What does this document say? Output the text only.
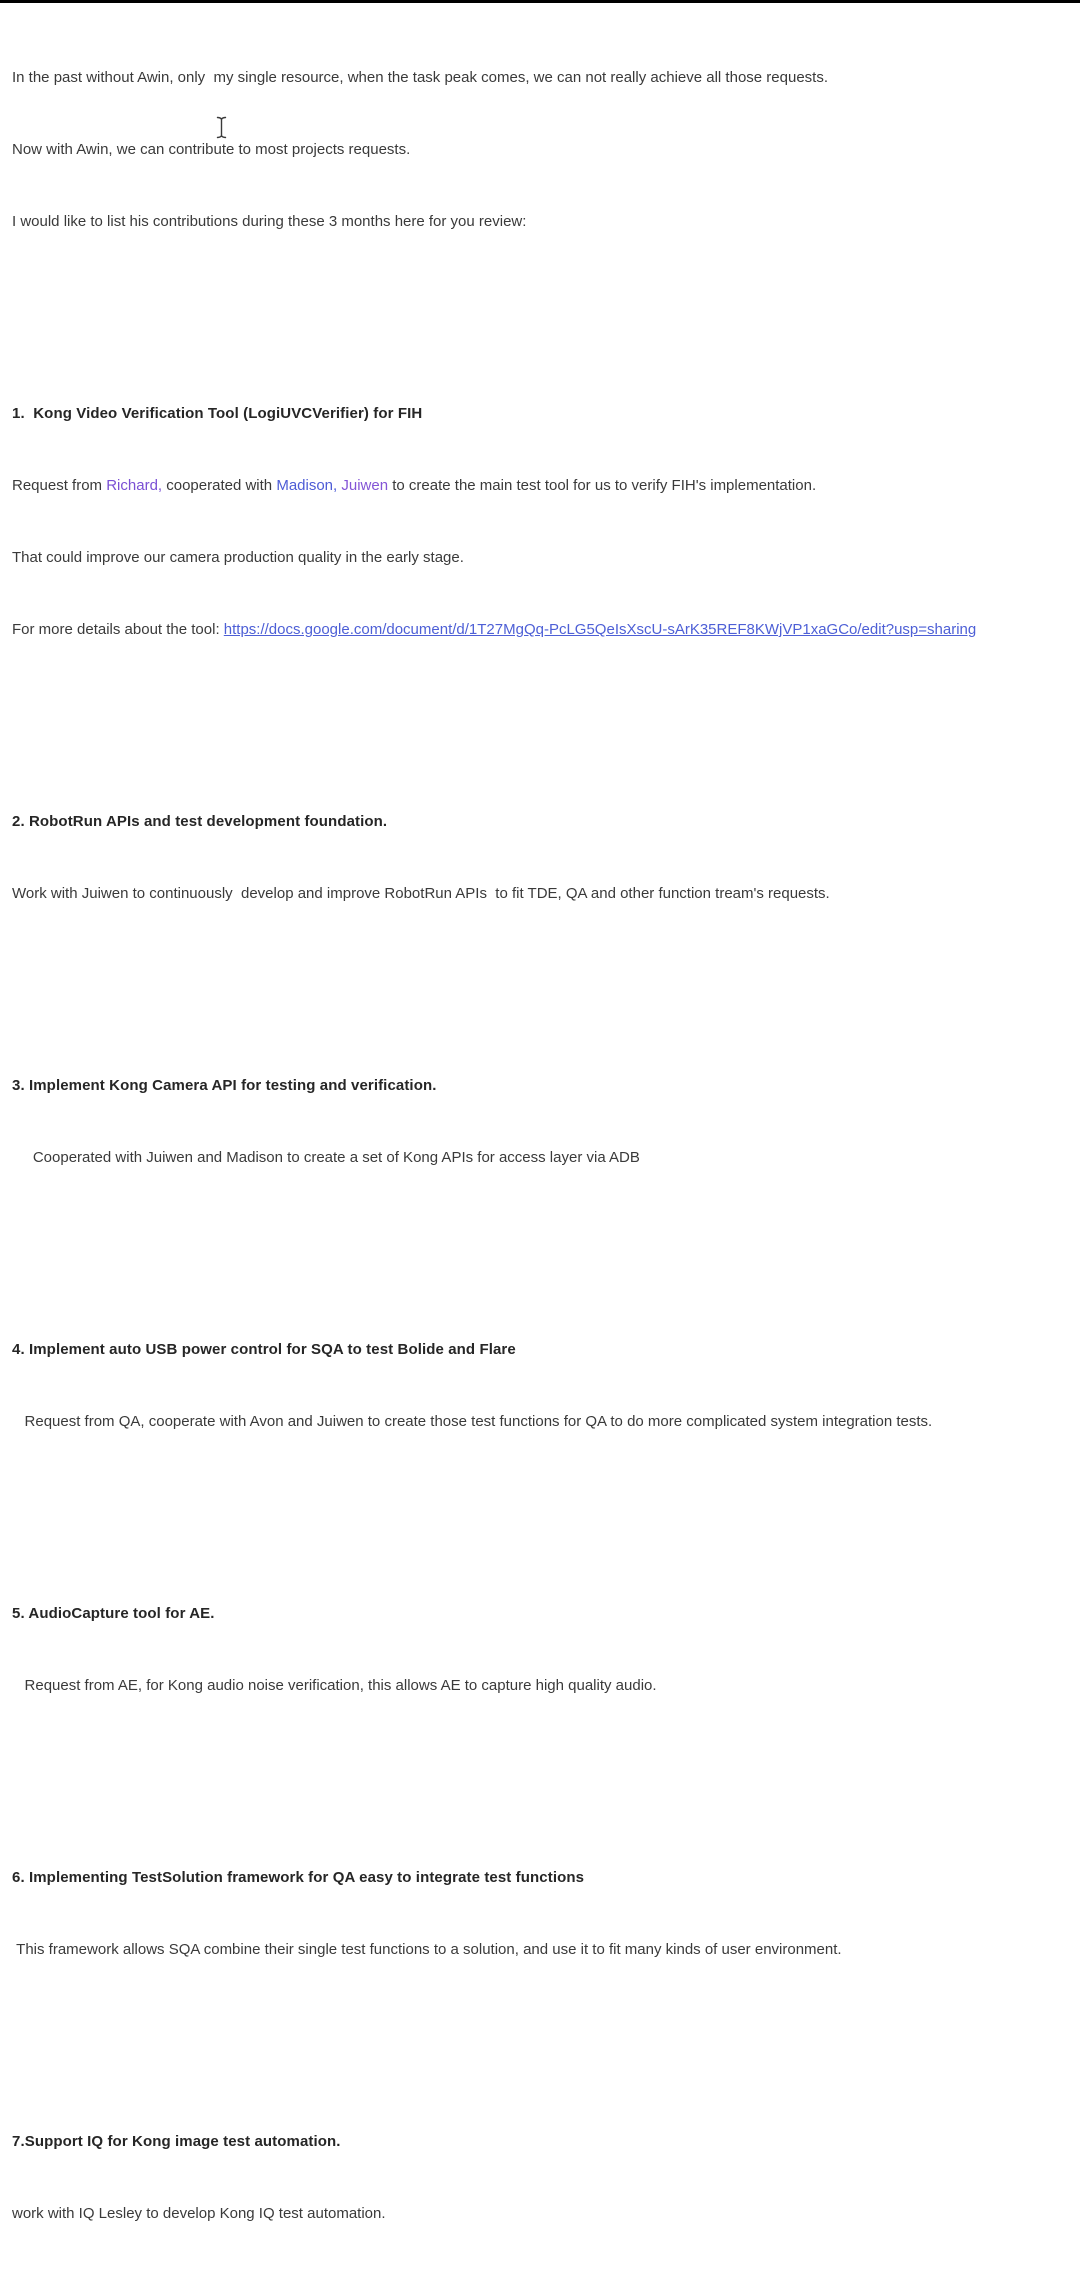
In the past without Awin, only  my single resource, when the task peak comes, we can not really achieve all those requests.

Now with Awin, we can contribute to most projects requests.

I would like to list his contributions during these 3 months here for you review:

1.  Kong Video Verification Tool (LogiUVCVerifier) for FIH

Request from Richard, cooperated with Madison, Juiwen to create the main test tool for us to verify FIH's implementation.

That could improve our camera production quality in the early stage.

For more details about the tool: https://docs.google.com/document/d/1T27MgQq-PcLG5QeIsXscU-sArK35REF8KWjVP1xaGCo/edit?usp=sharing

2. RobotRun APIs and test development foundation.

Work with Juiwen to continuously  develop and improve RobotRun APIs  to fit TDE, QA and other function tream's requests.

3. Implement Kong Camera API for testing and verification.

Cooperated with Juiwen and Madison to create a set of Kong APIs for access layer via ADB

4. Implement auto USB power control for SQA to test Bolide and Flare

Request from QA, cooperate with Avon and Juiwen to create those test functions for QA to do more complicated system integration tests.

5. AudioCapture tool for AE.

Request from AE, for Kong audio noise verification, this allows AE to capture high quality audio.

6. Implementing TestSolution framework for QA easy to integrate test functions

This framework allows SQA combine their single test functions to a solution, and use it to fit many kinds of user environment.

7.Support IQ for Kong image test automation.

work with IQ Lesley to develop Kong IQ test automation.
